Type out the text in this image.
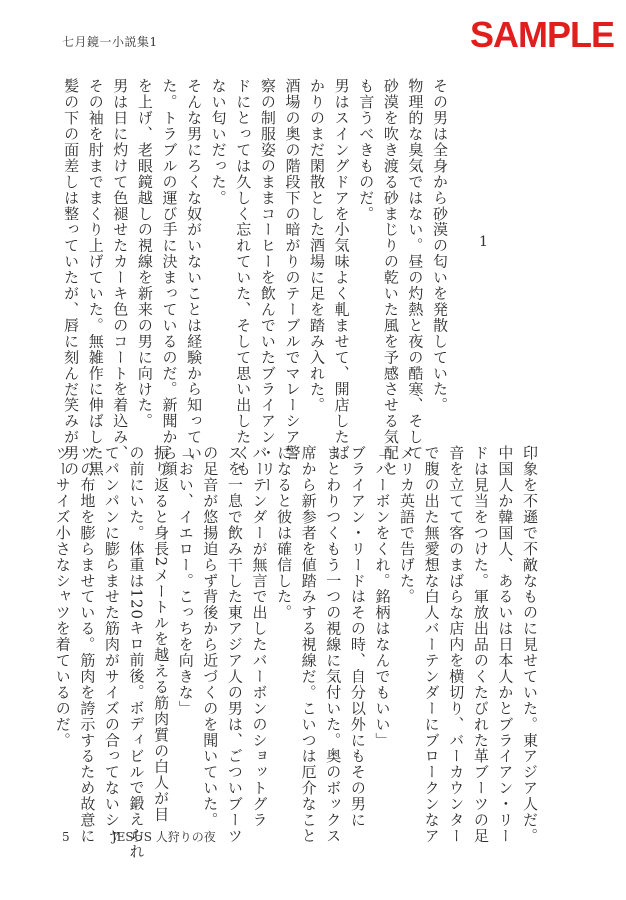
七月鏡一小説集1	SAMPLE
1

その男は全身から砂漠の匂いを発散していた。

物理的な臭気ではない。昼の灼熱と夜の酷寒、そして

砂漠を吹き渡る砂まじりの乾いた風を予感させる気配と

も言うべきものだ。

男はスイングドアを小気味よく軋ませて、開店したば

かりのまだ閑散とした酒場に足を踏み入れた。

酒場の奥の階段下の暗がりのテーブルでマレーシア警

察の制服姿のままコーヒーを飲んでいたブライアン・リー

ドにとっては久しく忘れていた、そして思い出したくも

ない匂いだった。

そんな男にろくな奴がいないことは経験から知ってい

た。トラブルの運び手に決まっているのだ。新聞から顔

を上げ、老眼鏡越しの視線を新来の男に向けた。

男は日に灼けて色褪せたカーキ色のコートを着込み、

その袖を肘までまくり上げていた。無雑作に伸ばした黒

髪の下の面差しは整っていたが、唇に刻んだ笑みが男の

印象を不遜で不敵なものに見せていた。東アジア人だ。

中国人か韓国人、あるいは日本人かとブライアン・リー

ドは見当をつけた。軍放出品のくたびれた革ブーツの足

音を立てて客のまばらな店内を横切り、バーカウンター

で腹の出た無愛想な白人バーテンダーにブロークンなア

メリカ英語で告げた。

「バーボンをくれ。銘柄はなんでもいい」

ブライアン・リードはその時、自分以外にもその男に

まとわりつくもう一つの視線に気付いた。奥のボックス

席から新参者を値踏みする視線だ。こいつは厄介なこと

になると彼は確信した。

バーテンダーが無言で出したバーボンのショットグラ

スを一息で飲み干した東アジア人の男は、ごついブーツ

の足音が悠揚迫らず背後から近づくのを聞いていた。

「おい、イエロー。こっちを向きな」

振り返ると身長2メートルを越える筋肉質の白人が目

の前にいた。体重は120キロ前後。ボディビルで鍛えられ

てパンパンに膨らませた筋肉がサイズの合ってないシャ

ツの布地を膨らませている。筋肉を誇示するため故意に

ツーサイズ小さなシャツを着ているのだ。

5	JESUS 人狩りの夜
